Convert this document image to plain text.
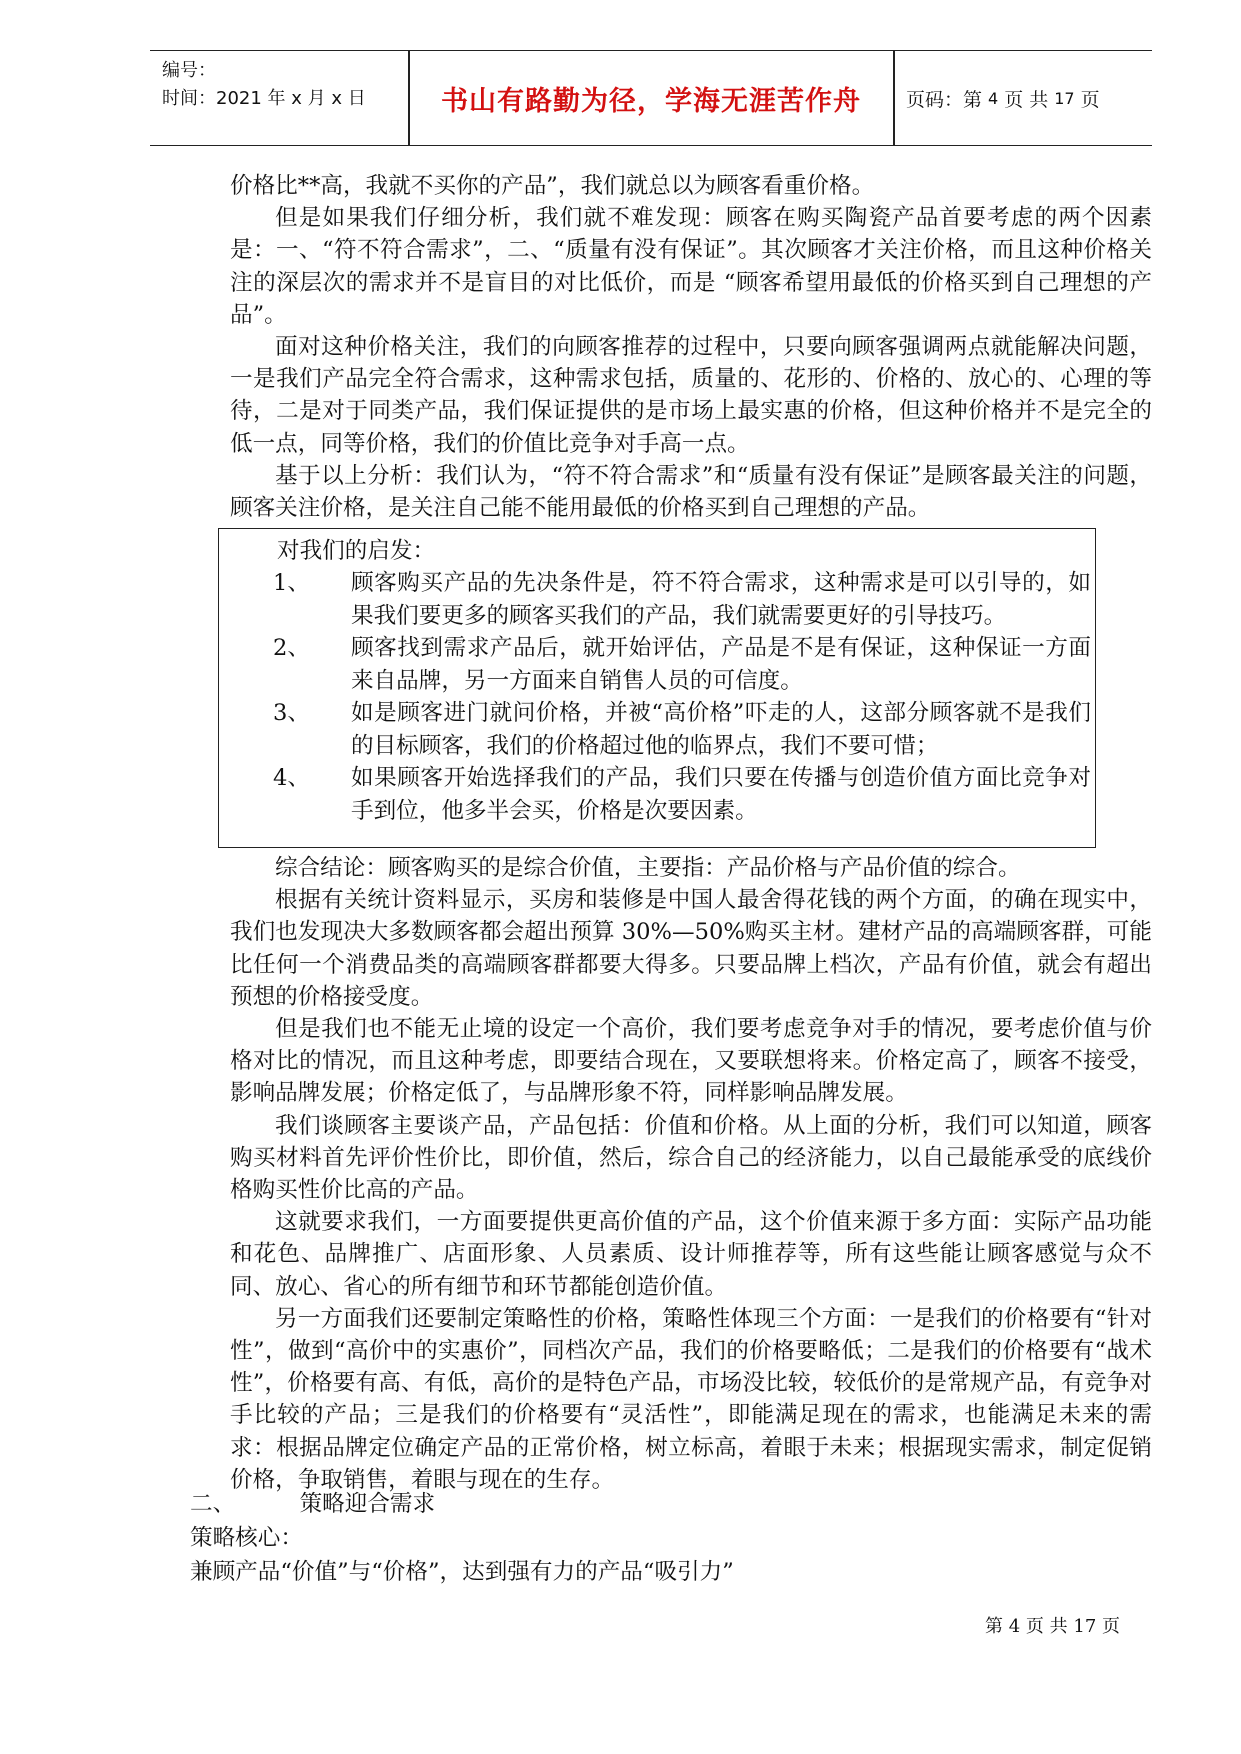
编号：
时间：2021 年 x 月 x 日	书山有路勤为径，学海无涯苦作舟	页码：第 4 页 共 17 页

价格比**高，我就不买你的产品”，我们就总以为顾客看重价格。

但是如果我们仔细分析，我们就不难发现：顾客在购买陶瓷产品首要考虑的两个因素是：一、“符不符合需求”，二、“质量有没有保证”。其次顾客才关注价格，而且这种价格关注的深层次的需求并不是盲目的对比低价，而是 “顾客希望用最低的价格买到自己理想的产品”。

面对这种价格关注，我们的向顾客推荐的过程中，只要向顾客强调两点就能解决问题，一是我们产品完全符合需求，这种需求包括，质量的、花形的、价格的、放心的、心理的等待，二是对于同类产品，我们保证提供的是市场上最实惠的价格，但这种价格并不是完全的低一点，同等价格，我们的价值比竞争对手高一点。

基于以上分析：我们认为，“符不符合需求”和“质量有没有保证”是顾客最关注的问题，顾客关注价格，是关注自己能不能用最低的价格买到自己理想的产品。

对我们的启发：
1、	顾客购买产品的先决条件是，符不符合需求，这种需求是可以引导的，如果我们要更多的顾客买我们的产品，我们就需要更好的引导技巧。
2、	顾客找到需求产品后，就开始评估，产品是不是有保证，这种保证一方面来自品牌，另一方面来自销售人员的可信度。
3、	如是顾客进门就问价格，并被“高价格”吓走的人，这部分顾客就不是我们的目标顾客，我们的价格超过他的临界点，我们不要可惜；
4、	如果顾客开始选择我们的产品，我们只要在传播与创造价值方面比竞争对手到位，他多半会买，价格是次要因素。

综合结论：顾客购买的是综合价值，主要指：产品价格与产品价值的综合。

根据有关统计资料显示，买房和装修是中国人最舍得花钱的两个方面，的确在现实中，我们也发现决大多数顾客都会超出预算 30%—50%购买主材。建材产品的高端顾客群，可能比任何一个消费品类的高端顾客群都要大得多。只要品牌上档次，产品有价值，就会有超出预想的价格接受度。

但是我们也不能无止境的设定一个高价，我们要考虑竞争对手的情况，要考虑价值与价格对比的情况，而且这种考虑，即要结合现在，又要联想将来。价格定高了，顾客不接受，影响品牌发展；价格定低了，与品牌形象不符，同样影响品牌发展。

我们谈顾客主要谈产品，产品包括：价值和价格。从上面的分析，我们可以知道，顾客购买材料首先评价性价比，即价值，然后，综合自己的经济能力，以自己最能承受的底线价格购买性价比高的产品。

这就要求我们，一方面要提供更高价值的产品，这个价值来源于多方面：实际产品功能和花色、品牌推广、店面形象、人员素质、设计师推荐等，所有这些能让顾客感觉与众不同、放心、省心的所有细节和环节都能创造价值。

另一方面我们还要制定策略性的价格，策略性体现三个方面：一是我们的价格要有“针对性”，做到“高价中的实惠价”，同档次产品，我们的价格要略低；二是我们的价格要有“战术性”，价格要有高、有低，高价的是特色产品，市场没比较，较低价的是常规产品，有竞争对手比较的产品；三是我们的价格要有“灵活性”，即能满足现在的需求，也能满足未来的需求：根据品牌定位确定产品的正常价格，树立标高，着眼于未来；根据现实需求，制定促销价格，争取销售，着眼与现在的生存。

二、	策略迎合需求
策略核心：
兼顾产品“价值”与“价格”，达到强有力的产品“吸引力”
第 4 页 共 17 页
